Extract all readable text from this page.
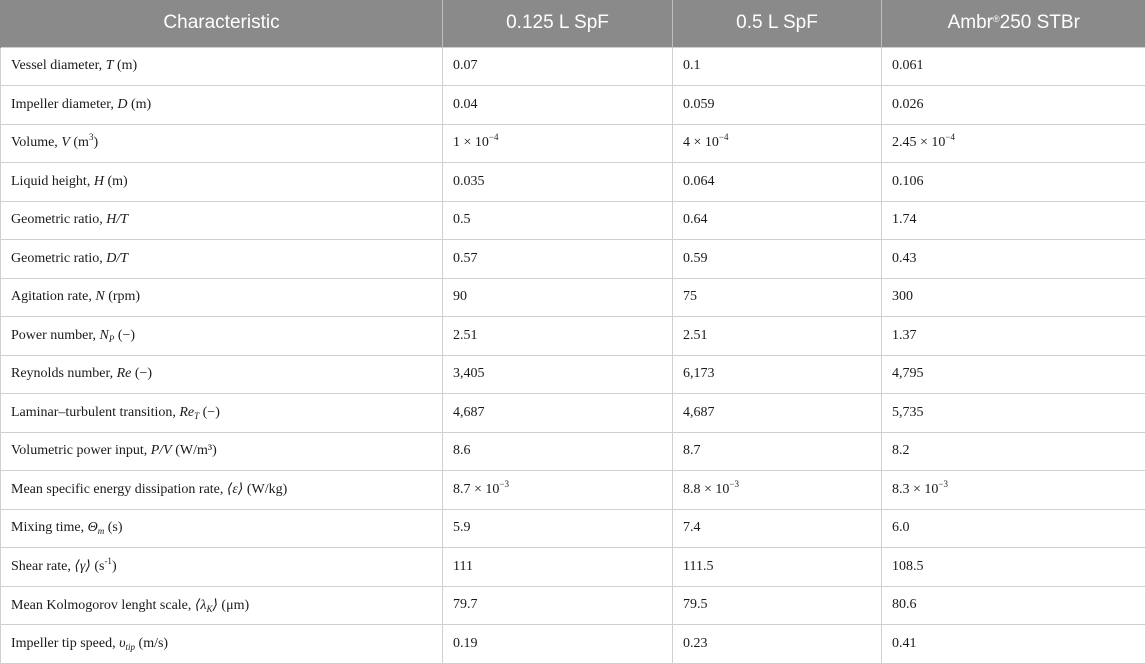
Characteristic	0.125 L SpF	0.5 L SpF	Ambr®250 STBr
Vessel diameter, T (m)	0.07	0.1	0.061
Impeller diameter, D (m)	0.04	0.059	0.026
Volume, V $(m^3)$	$1 \times 10^{-4}$	$4 \times 10^{-4}$	$2.45 \times 10^{-4}$
Liquid height, H (m)	0.035	0.064	0.106
Geometric ratio, H/T	0.5	0.64	1.74
Geometric ratio, D/T	0.57	0.59	0.43
Agitation rate, N (rpm)	90	75	300
Power number, $N_P$ (−)	2.51	2.51	1.37
Reynolds number, Re (−)	3,405	6,173	4,795
Laminar–turbulent transition, $Re_T$ (−)	4,687	4,687	5,735
Volumetric power input, P/V (W/m³)	8.6	8.7	8.2
Mean specific energy dissipation rate, ⟨ε⟩ (W/kg)	$8.7 \times 10^{-3}$	$8.8 \times 10^{-3}$	$8.3 \times 10^{-3}$
Mixing time, $\Theta_m$ (s)	5.9	7.4	6.0
Shear rate, ⟨γ̇⟩ $(s^{-1})$	111	111.5	108.5
Mean Kolmogorov lenght scale, $⟨\lambda_K⟩$ (μm)	79.7	79.5	80.6
Impeller tip speed, $\upsilon_{tip}$ (m/s)	0.19	0.23	0.41
